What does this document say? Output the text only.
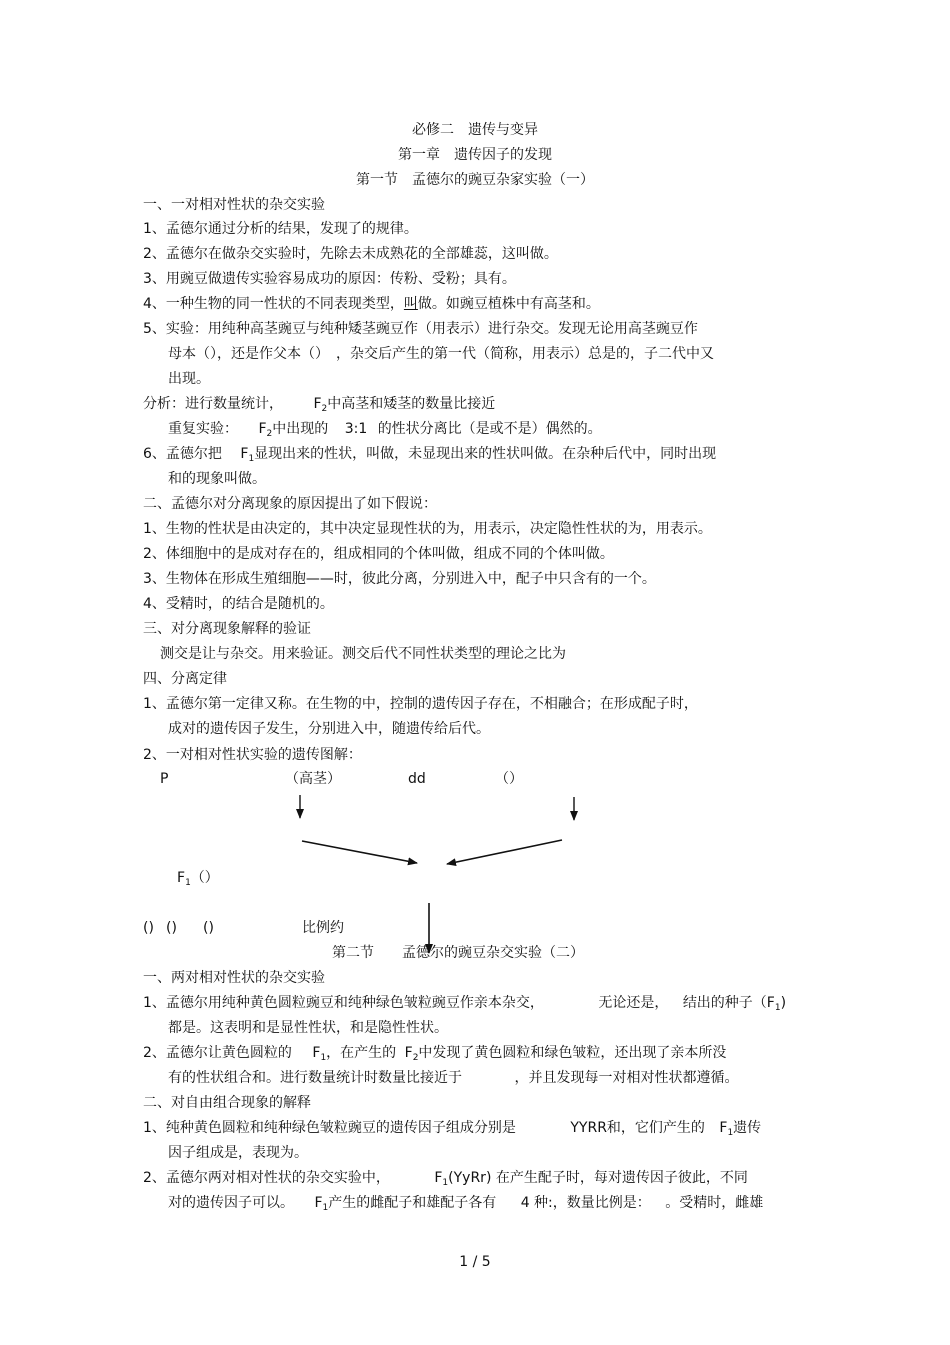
必修二　遗传与变异
第一章　遗传因子的发现
第一节　孟德尔的豌豆杂家实验（一）
一、一对相对性状的杂交实验
1、孟德尔通过分析的结果，发现了的规律。
2、孟德尔在做杂交实验时，先除去未成熟花的全部雄蕊，这叫做。
3、用豌豆做遗传实验容易成功的原因：传粉、受粉；具有。
4、一种生物的同一性状的不同表现类型，叫做。如豌豆植株中有高茎和。
5、实验：用纯种高茎豌豆与纯种矮茎豌豆作（用表示）进行杂交。发现无论用高茎豌豆作
母本（），还是作父本（）　，杂交后产生的第一代（简称，用表示）总是的，子二代中又
出现。
分析：进行数量统计， $F_2$中高茎和矮茎的数量比接近
重复实验： $F_2$中出现的 3:1 的性状分离比（是或不是）偶然的。
6、孟德尔把 $F_1$显现出来的性状，叫做，未显现出来的性状叫做。在杂种后代中，同时出现
和的现象叫做。
二、孟德尔对分离现象的原因提出了如下假说：
1、生物的性状是由决定的，其中决定显现性状的为，用表示，决定隐性性状的为，用表示。
2、体细胞中的是成对存在的，组成相同的个体叫做，组成不同的个体叫做。
3、生物体在形成生殖细胞——时，彼此分离，分别进入中，配子中只含有的一个。
4、受精时，的结合是随机的。
三、对分离现象解释的验证
测交是让与杂交。用来验证。测交后代不同性状类型的理论之比为
四、分离定律
1、孟德尔第一定律又称。在生物的中，控制的遗传因子存在，不相融合；在形成配子时，
成对的遗传因子发生，分别进入中，随遗传给后代。
2、一对相对性状实验的遗传图解：
P	（高茎）	dd	（）
$F_1()$
() () ()	比例约
第二节　　孟德尔的豌豆杂交实验（二）
一、两对相对性状的杂交实验
1、孟德尔用纯种黄色圆粒豌豆和纯种绿色皱粒豌豆作亲本杂交，	无论还是， 结出的种子$(F_1)$
都是。这表明和是显性性状，和是隐性性状。
2、孟德尔让黄色圆粒的 $F_1$，在产生的 $F_2$中发现了黄色圆粒和绿色皱粒，还出现了亲本所没
有的性状组合和。进行数量统计时数量比接近于	，并且发现每一对相对性状都遵循。
二、对自由组合现象的解释
1、纯种黄色圆粒和纯种绿色皱粒豌豆的遗传因子组成分别是	YYRR和，它们产生的 $F_1$遗传
因子组成是，表现为。
2、孟德尔两对相对性状的杂交实验中，	$F_1(YyRr)$ 在产生配子时，每对遗传因子彼此，不同
对的遗传因子可以。 $F_1$产生的雌配子和雄配子各有 4 种:，数量比例是： 。受精时，雌雄
1 / 5
